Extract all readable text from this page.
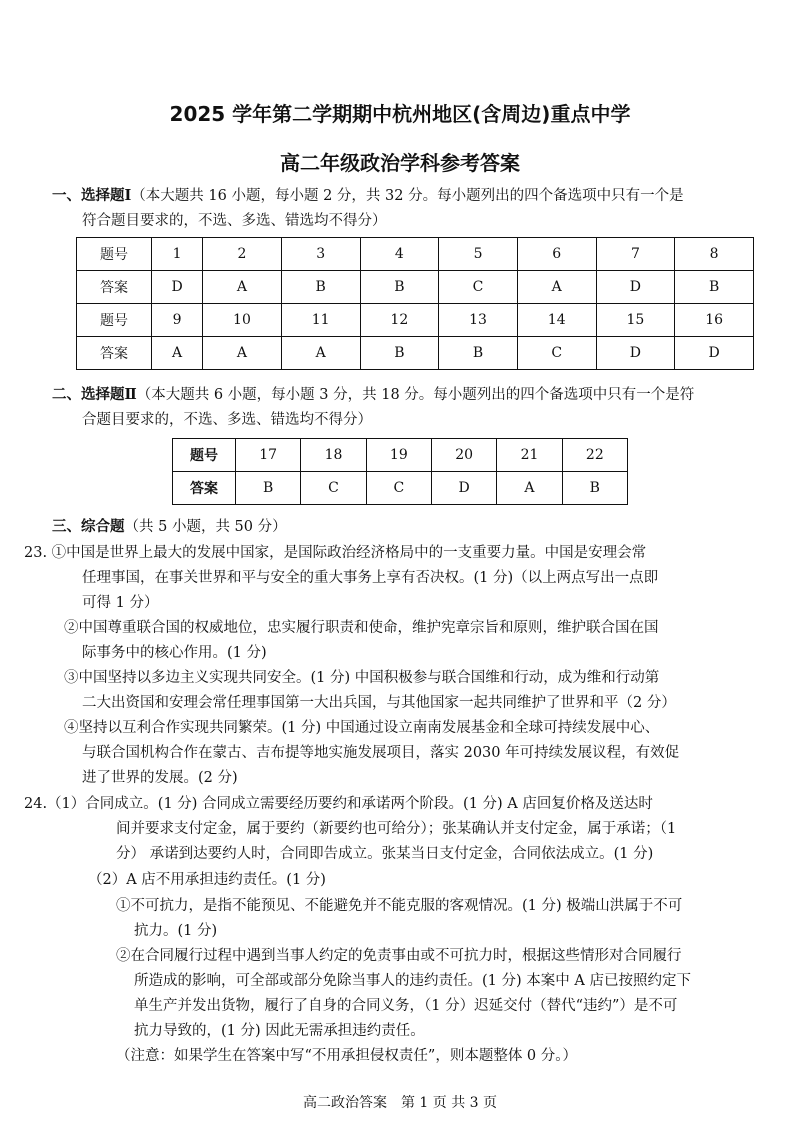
2025 学年第二学期期中杭州地区(含周边)重点中学
高二年级政治学科参考答案
一、选择题Ⅰ（本大题共 16 小题，每小题 2 分，共 32 分。每小题列出的四个备选项中只有一个是
符合题目要求的，不选、多选、错选均不得分）
题号	1	2	3	4	5	6	7	8
答案	D	A	B	B	C	A	D	B
题号	9	10	11	12	13	14	15	16
答案	A	A	A	B	B	C	D	D
二、选择题Ⅱ（本大题共 6 小题，每小题 3 分，共 18 分。每小题列出的四个备选项中只有一个是符
合题目要求的，不选、多选、错选均不得分）
题号	17	18	19	20	21	22
答案	B	C	C	D	A	B
三、综合题（共 5 小题，共 50 分）
23. ①中国是世界上最大的发展中国家，是国际政治经济格局中的一支重要力量。中国是安理会常
任理事国，在事关世界和平与安全的重大事务上享有否决权。(1 分)（以上两点写出一点即
可得 1 分）
②中国尊重联合国的权威地位，忠实履行职责和使命，维护宪章宗旨和原则，维护联合国在国
际事务中的核心作用。(1 分)
③中国坚持以多边主义实现共同安全。(1 分) 中国积极参与联合国维和行动，成为维和行动第
二大出资国和安理会常任理事国第一大出兵国，与其他国家一起共同维护了世界和平（2 分）
④坚持以互利合作实现共同繁荣。(1 分) 中国通过设立南南发展基金和全球可持续发展中心、
与联合国机构合作在蒙古、吉布提等地实施发展项目，落实 2030 年可持续发展议程，有效促
进了世界的发展。(2 分)
24.（1）合同成立。(1 分) 合同成立需要经历要约和承诺两个阶段。(1 分) A 店回复价格及送达时
间并要求支付定金，属于要约（新要约也可给分）；张某确认并支付定金，属于承诺；（1
分） 承诺到达要约人时，合同即告成立。张某当日支付定金，合同依法成立。(1 分)
（2）A 店不用承担违约责任。(1 分)
①不可抗力，是指不能预见、不能避免并不能克服的客观情况。(1 分) 极端山洪属于不可
抗力。(1 分)
②在合同履行过程中遇到当事人约定的免责事由或不可抗力时，根据这些情形对合同履行
所造成的影响，可全部或部分免除当事人的违约责任。(1 分) 本案中 A 店已按照约定下
单生产并发出货物，履行了自身的合同义务，（1 分）迟延交付（替代“违约”）是不可
抗力导致的，(1 分) 因此无需承担违约责任。
（注意：如果学生在答案中写“不用承担侵权责任”，则本题整体 0 分。）
高二政治答案　第 1 页 共 3 页
